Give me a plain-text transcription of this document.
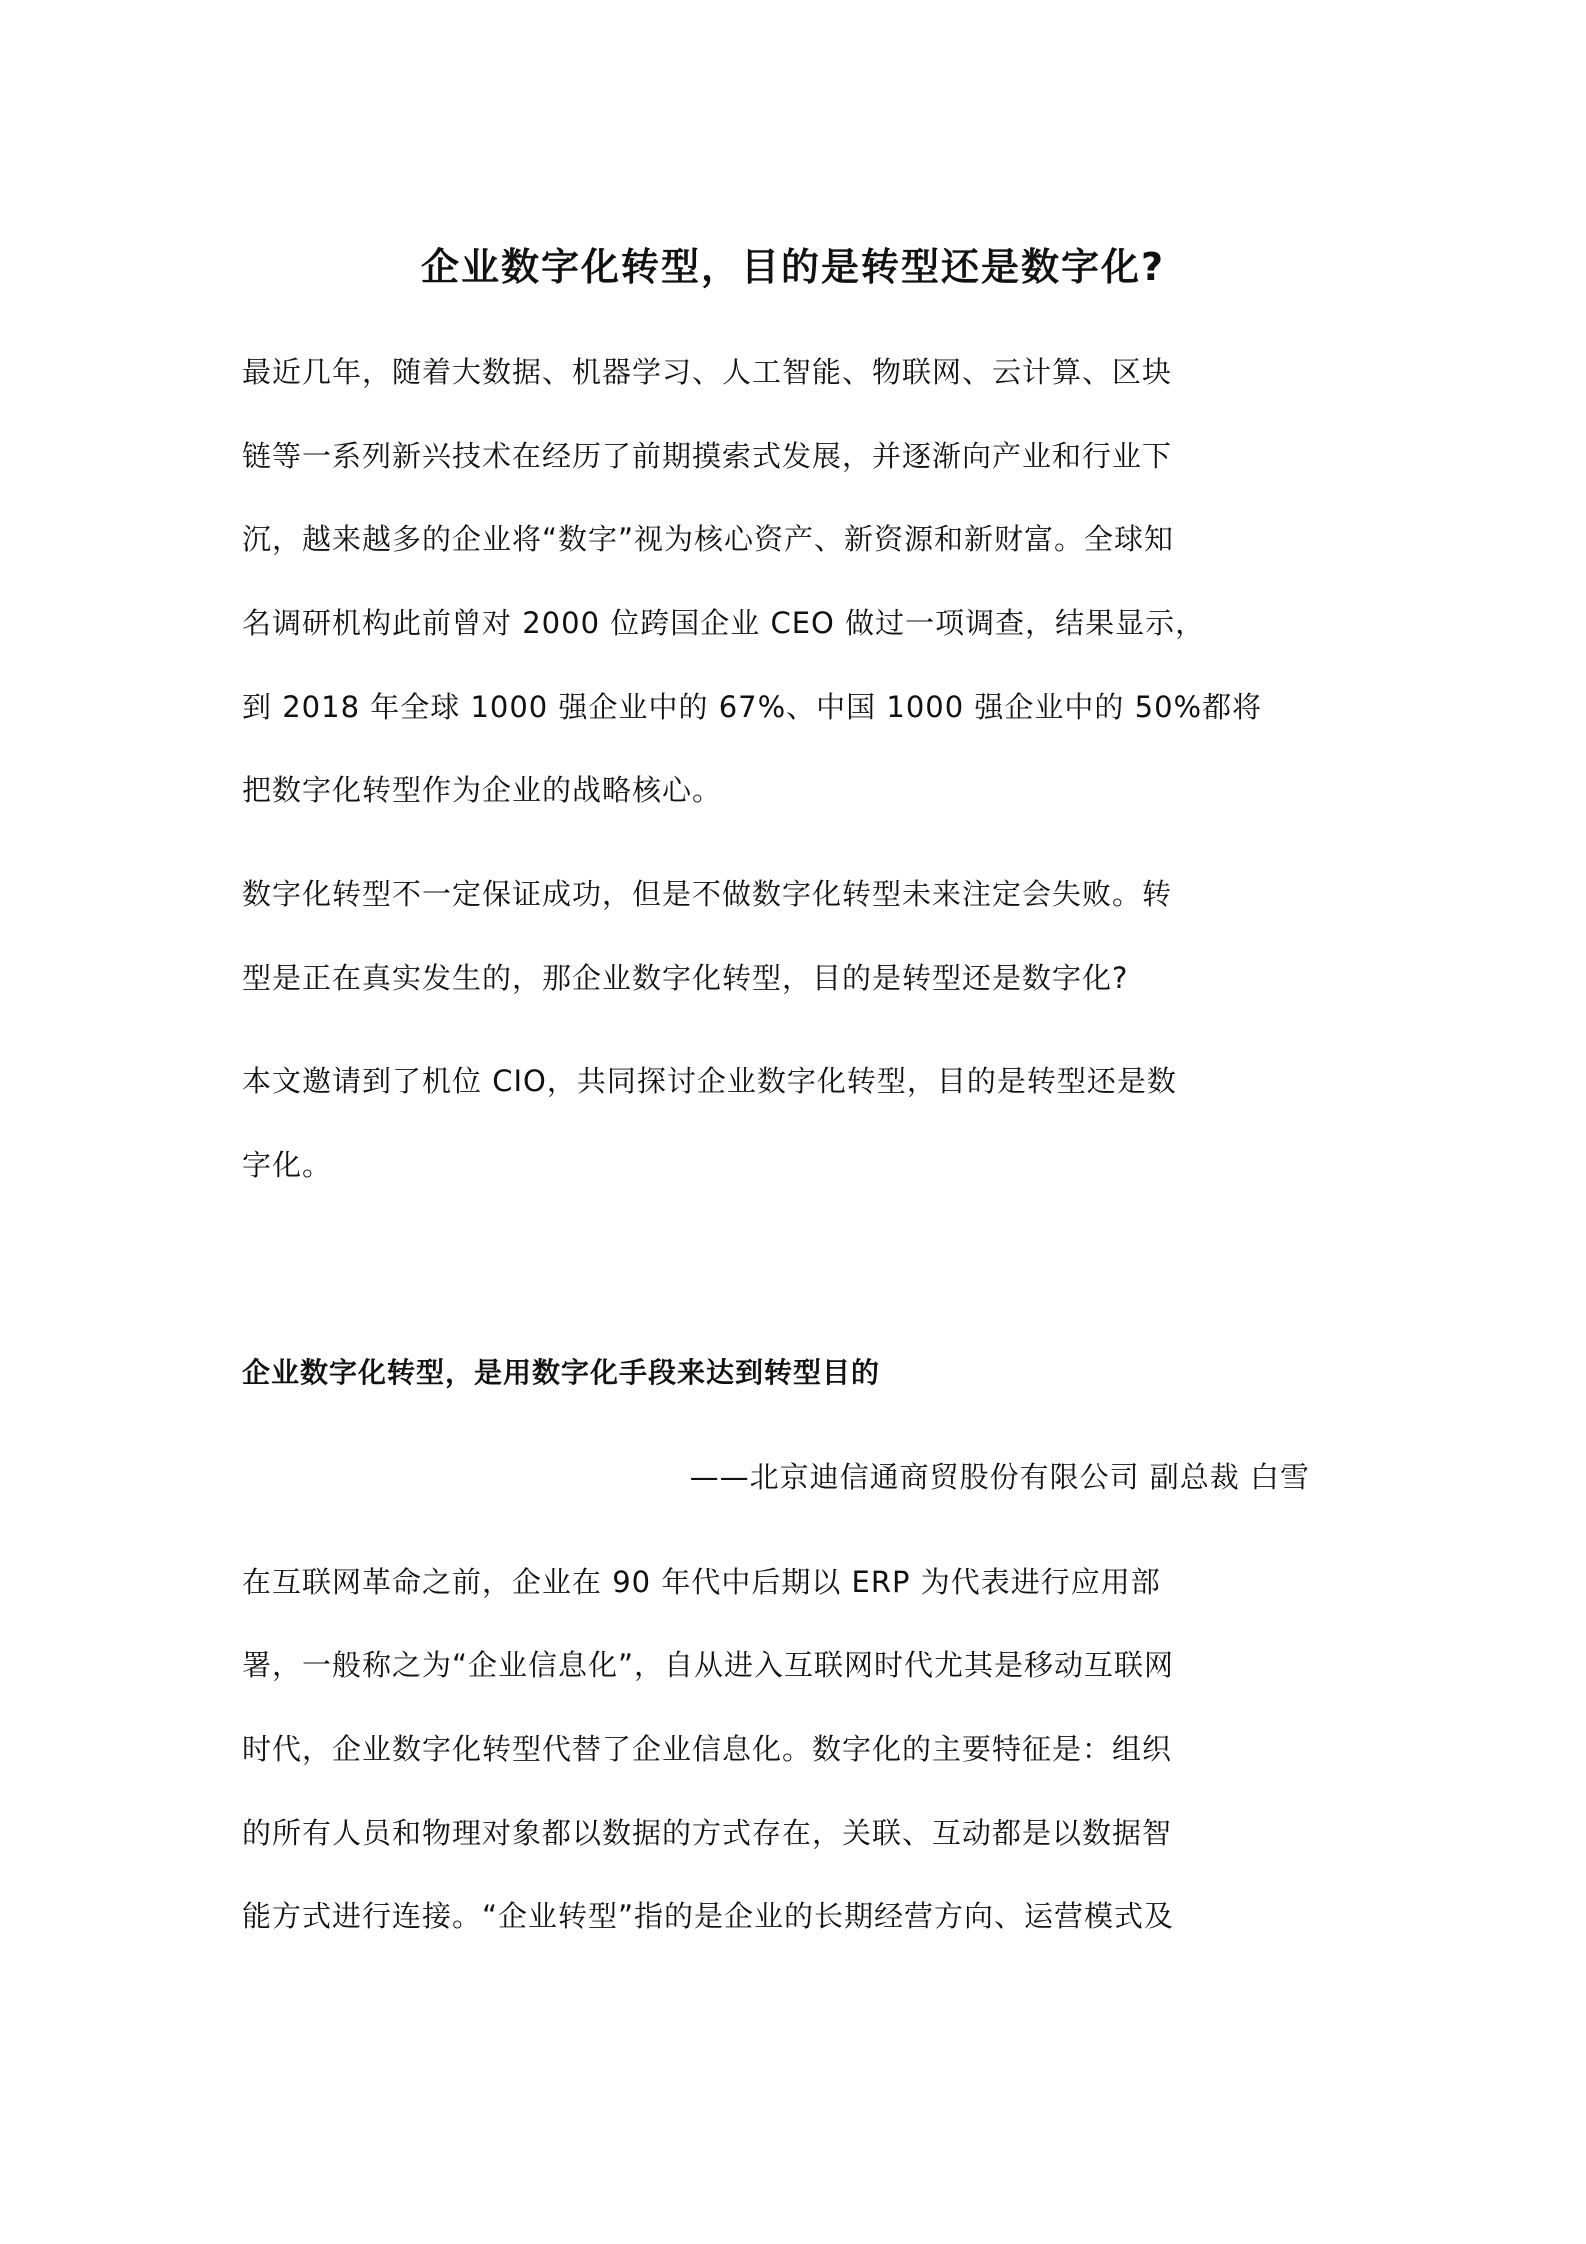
企业数字化转型，目的是转型还是数字化?
最近几年，随着大数据、机器学习、人工智能、物联网、云计算、区块
链等一系列新兴技术在经历了前期摸索式发展，并逐渐向产业和行业下
沉，越来越多的企业将“数字”视为核心资产、新资源和新财富。全球知
名调研机构此前曾对 2000 位跨国企业 CEO 做过一项调查，结果显示，
到 2018 年全球 1000 强企业中的 67%、中国 1000 强企业中的 50%都将
把数字化转型作为企业的战略核心。
数字化转型不一定保证成功，但是不做数字化转型未来注定会失败。转
型是正在真实发生的，那企业数字化转型，目的是转型还是数字化?
本文邀请到了机位 CIO，共同探讨企业数字化转型，目的是转型还是数
字化。
企业数字化转型，是用数字化手段来达到转型目的
——北京迪信通商贸股份有限公司 副总裁 白雪
在互联网革命之前，企业在 90 年代中后期以 ERP 为代表进行应用部
署，一般称之为“企业信息化”，自从进入互联网时代尤其是移动互联网
时代，企业数字化转型代替了企业信息化。数字化的主要特征是：组织
的所有人员和物理对象都以数据的方式存在，关联、互动都是以数据智
能方式进行连接。“企业转型”指的是企业的长期经营方向、运营模式及
